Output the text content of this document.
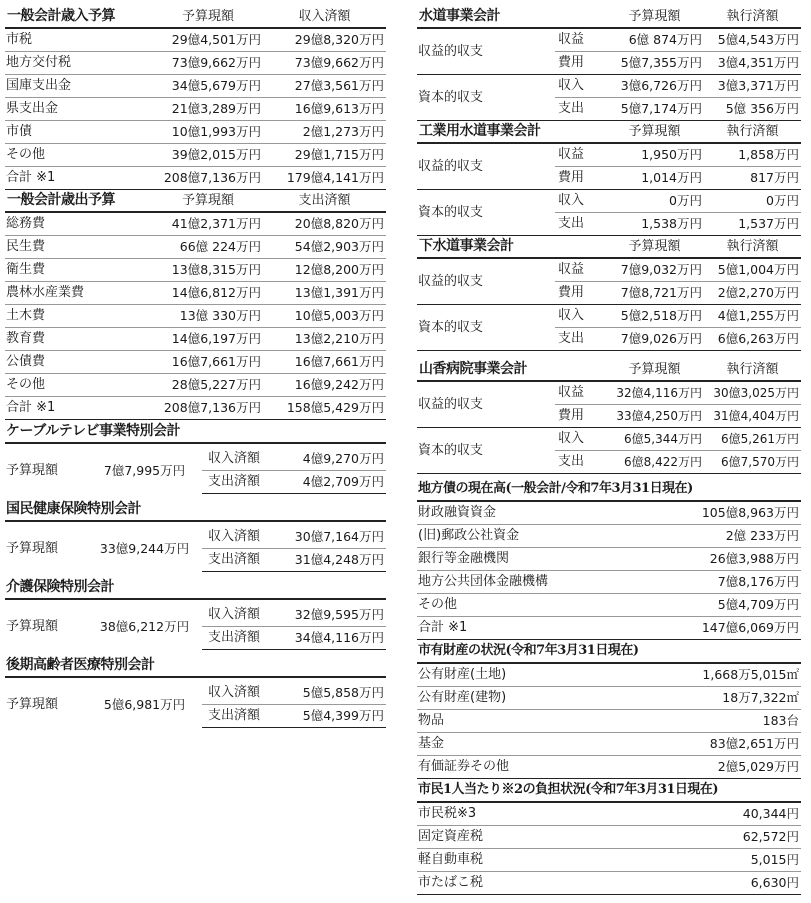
一般会計歳入予算	予算現額	収入済額
市税	29億4,501万円	29億8,320万円
地方交付税	73億9,662万円	73億9,662万円
国庫支出金	34億5,679万円	27億3,561万円
県支出金	21億3,289万円	16億9,613万円
市債	10億1,993万円	2億1,273万円
その他	39億2,015万円	29億1,715万円
合計 ※1	208億7,136万円	179億4,141万円
一般会計歳出予算	予算現額	支出済額
総務費	41億2,371万円	20億8,820万円
民生費	66億 224万円	54億2,903万円
衛生費	13億8,315万円	12億8,200万円
農林水産業費	14億6,812万円	13億1,391万円
土木費	13億 330万円	10億5,003万円
教育費	14億6,197万円	13億2,210万円
公債費	16億7,661万円	16億7,661万円
その他	28億5,227万円	16億9,242万円
合計 ※1	208億7,136万円	158億5,429万円
ケーブルテレビ事業特別会計
予算現額	7億7,995万円	収入済額	4億9,270万円
		支出済額	4億2,709万円
国民健康保険特別会計
予算現額	33億9,244万円	収入済額	30億7,164万円
		支出済額	31億4,248万円
介護保険特別会計
予算現額	38億6,212万円	収入済額	32億9,595万円
		支出済額	34億4,116万円
後期高齢者医療特別会計
予算現額	5億6,981万円	収入済額	5億5,858万円
		支出済額	5億4,399万円
水道事業会計		予算現額	執行済額
収益的収支	収益	6億 874万円	5億4,543万円
	費用	5億7,355万円	3億4,351万円
資本的収支	収入	3億6,726万円	3億3,371万円
	支出	5億7,174万円	5億 356万円
工業用水道事業会計		予算現額	執行済額
収益的収支	収益	1,950万円	1,858万円
	費用	1,014万円	817万円
資本的収支	収入	0万円	0万円
	支出	1,538万円	1,537万円
下水道事業会計		予算現額	執行済額
収益的収支	収益	7億9,032万円	5億1,004万円
	費用	7億8,721万円	2億2,270万円
資本的収支	収入	5億2,518万円	4億1,255万円
	支出	7億9,026万円	6億6,263万円
山香病院事業会計		予算現額	執行済額
収益的収支	収益	32億4,116万円	30億3,025万円
	費用	33億4,250万円	31億4,404万円
資本的収支	収入	6億5,344万円	6億5,261万円
	支出	6億8,422万円	6億7,570万円
地方債の現在高(一般会計/令和7年3月31日現在)
財政融資資金	105億8,963万円
(旧)郵政公社資金	2億 233万円
銀行等金融機関	26億3,988万円
地方公共団体金融機構	7億8,176万円
その他	5億4,709万円
合計 ※1	147億6,069万円
市有財産の状況(令和7年3月31日現在)
公有財産(土地)	1,668万5,015㎡
公有財産(建物)	18万7,322㎡
物品	183台
基金	83億2,651万円
有価証券その他	2億5,029万円
市民1人当たり※2の負担状況(令和7年3月31日現在)
市民税※3	40,344円
固定資産税	62,572円
軽自動車税	5,015円
市たばこ税	6,630円
